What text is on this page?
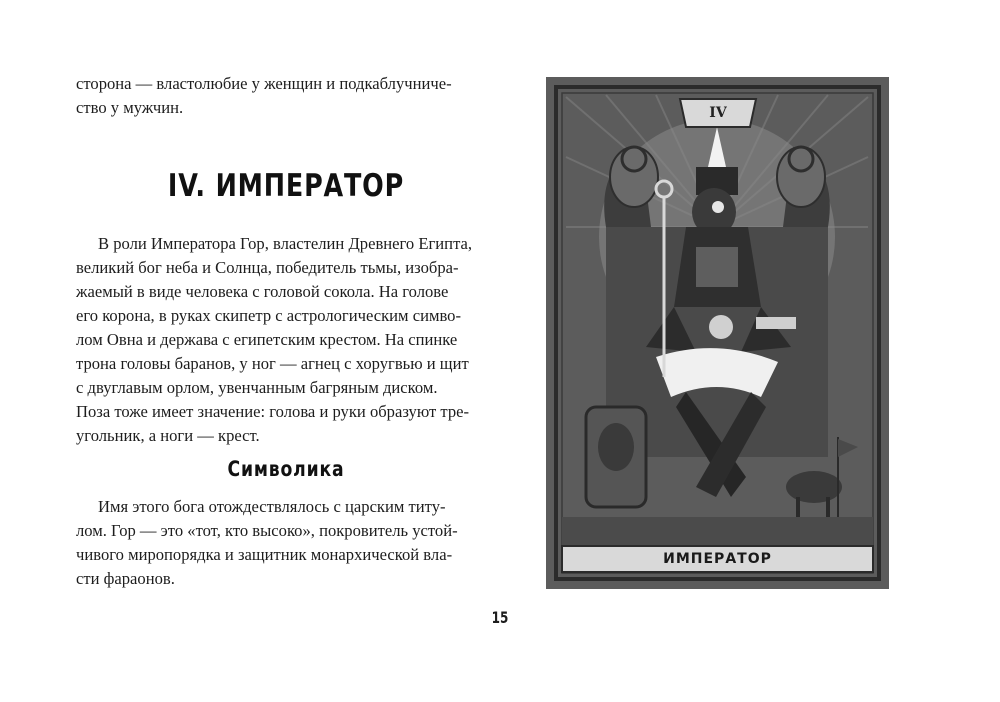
сторона — властолюбие у женщин и подкаблучниче-
ство у мужчин.

IV. ИМПЕРАТОР

В роли Императора Гор, властелин Древнего Египта,
великий бог неба и Солнца, победитель тьмы, изобра-
жаемый в виде человека с головой сокола. На голове
его корона, в руках скипетр с астрологическим симво-
лом Овна и держава с египетским крестом. На спинке
трона головы баранов, у ног — агнец с хоругвью и щит
с двуглавым орлом, увенчанным багряным диском.
Поза тоже имеет значение: голова и руки образуют тре-
угольник, а ноги — крест.

Символика

Имя этого бога отождествлялось с царским титу-
лом. Гор — это «тот, кто высоко», покровитель устой-
чивого миропорядка и защитник монархической вла-
сти фараонов.

15
IV
ИМПЕРАТОР
